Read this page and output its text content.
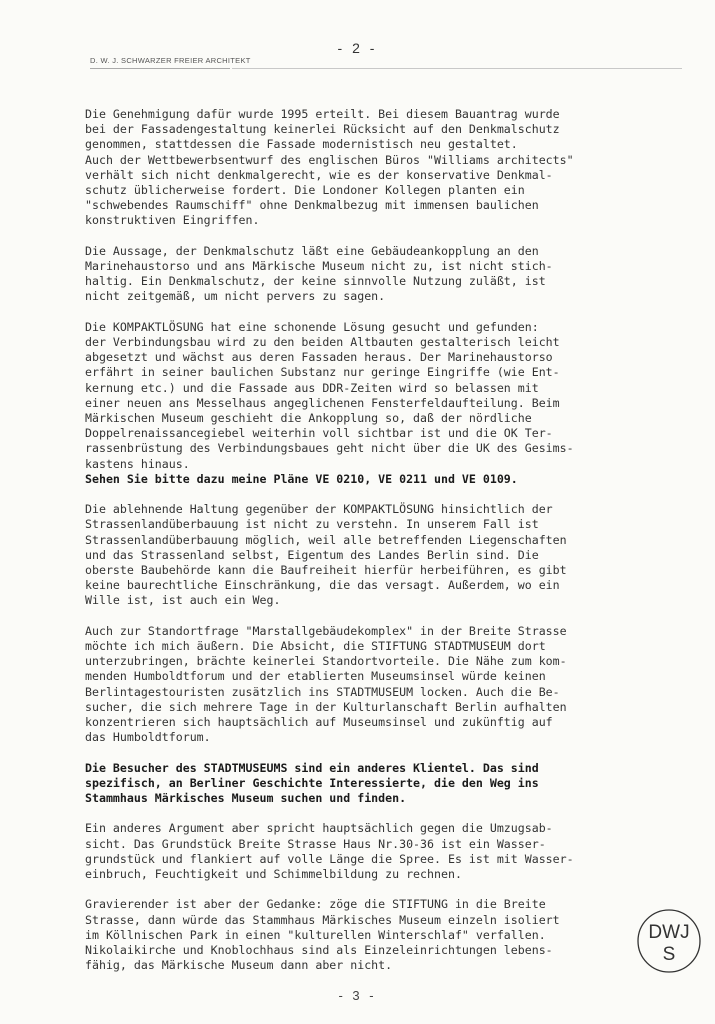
- 2 -
D. W. J. SCHWARZER FREIER ARCHITEKT
Die Genehmigung dafür wurde 1995 erteilt. Bei diesem Bauantrag wurde
bei der Fassadengestaltung keinerlei Rücksicht auf den Denkmalschutz
genommen, stattdessen die Fassade modernistisch neu gestaltet.
Auch der Wettbewerbsentwurf des englischen Büros "Williams architects"
verhält sich nicht denkmalgerecht, wie es der konservative Denkmal-
schutz üblicherweise fordert. Die Londoner Kollegen planten ein
"schwebendes Raumschiff" ohne Denkmalbezug mit immensen baulichen
konstruktiven Eingriffen.
Die Aussage, der Denkmalschutz läßt eine Gebäudeankopplung an den
Marinehaustorso und ans Märkische Museum nicht zu, ist nicht stich-
haltig. Ein Denkmalschutz, der keine sinnvolle Nutzung zuläßt, ist
nicht zeitgemäß, um nicht pervers zu sagen.
Die KOMPAKTLÖSUNG hat eine schonende Lösung gesucht und gefunden:
der Verbindungsbau wird zu den beiden Altbauten gestalterisch leicht
abgesetzt und wächst aus deren Fassaden heraus. Der Marinehaustorso
erfährt in seiner baulichen Substanz nur geringe Eingriffe (wie Ent-
kernung etc.) und die Fassade aus DDR-Zeiten wird so belassen mit
einer neuen ans Messelhaus angeglichenen Fensterfeldaufteilung. Beim
Märkischen Museum geschieht die Ankopplung so, daß der nördliche
Doppelrenaissancegiebel weiterhin voll sichtbar ist und die OK Ter-
rassenbrüstung des Verbindungsbaues geht nicht über die UK des Gesims-
kastens hinaus.
Sehen Sie bitte dazu meine Pläne VE 0210, VE 0211 und VE 0109.
Die ablehnende Haltung gegenüber der KOMPAKTLÖSUNG hinsichtlich der
Strassenlandüberbauung ist nicht zu verstehn. In unserem Fall ist
Strassenlandüberbauung möglich, weil alle betreffenden Liegenschaften
und das Strassenland selbst, Eigentum des Landes Berlin sind. Die
oberste Baubehörde kann die Baufreiheit hierfür herbeiführen, es gibt
keine baurechtliche Einschränkung, die das versagt. Außerdem, wo ein
Wille ist, ist auch ein Weg.
Auch zur Standortfrage "Marstallgebäudekomplex" in der Breite Strasse
möchte ich mich äußern. Die Absicht, die STIFTUNG STADTMUSEUM dort
unterzubringen, brächte keinerlei Standortvorteile. Die Nähe zum kom-
menden Humboldtforum und der etablierten Museumsinsel würde keinen
Berlintagestouristen zusätzlich ins STADTMUSEUM locken. Auch die Be-
sucher, die sich mehrere Tage in der Kulturlanschaft Berlin aufhalten
konzentrieren sich hauptsächlich auf Museumsinsel und zukünftig auf
das Humboldtforum.
Die Besucher des STADTMUSEUMS sind ein anderes Klientel. Das sind
spezifisch, an Berliner Geschichte Interessierte, die den Weg ins
Stammhaus Märkisches Museum suchen und finden.
Ein anderes Argument aber spricht hauptsächlich gegen die Umzugsab-
sicht. Das Grundstück Breite Strasse Haus Nr.30-36 ist ein Wasser-
grundstück und flankiert auf volle Länge die Spree. Es ist mit Wasser-
einbruch, Feuchtigkeit und Schimmelbildung zu rechnen.
Gravierender ist aber der Gedanke: zöge die STIFTUNG in die Breite
Strasse, dann würde das Stammhaus Märkisches Museum einzeln isoliert
im Köllnischen Park in einen "kulturellen Winterschlaf" verfallen.
Nikolaikirche und Knoblochhaus sind als Einzeleinrichtungen lebens-
fähig, das Märkische Museum dann aber nicht.
- 3 -
DWJ
S
